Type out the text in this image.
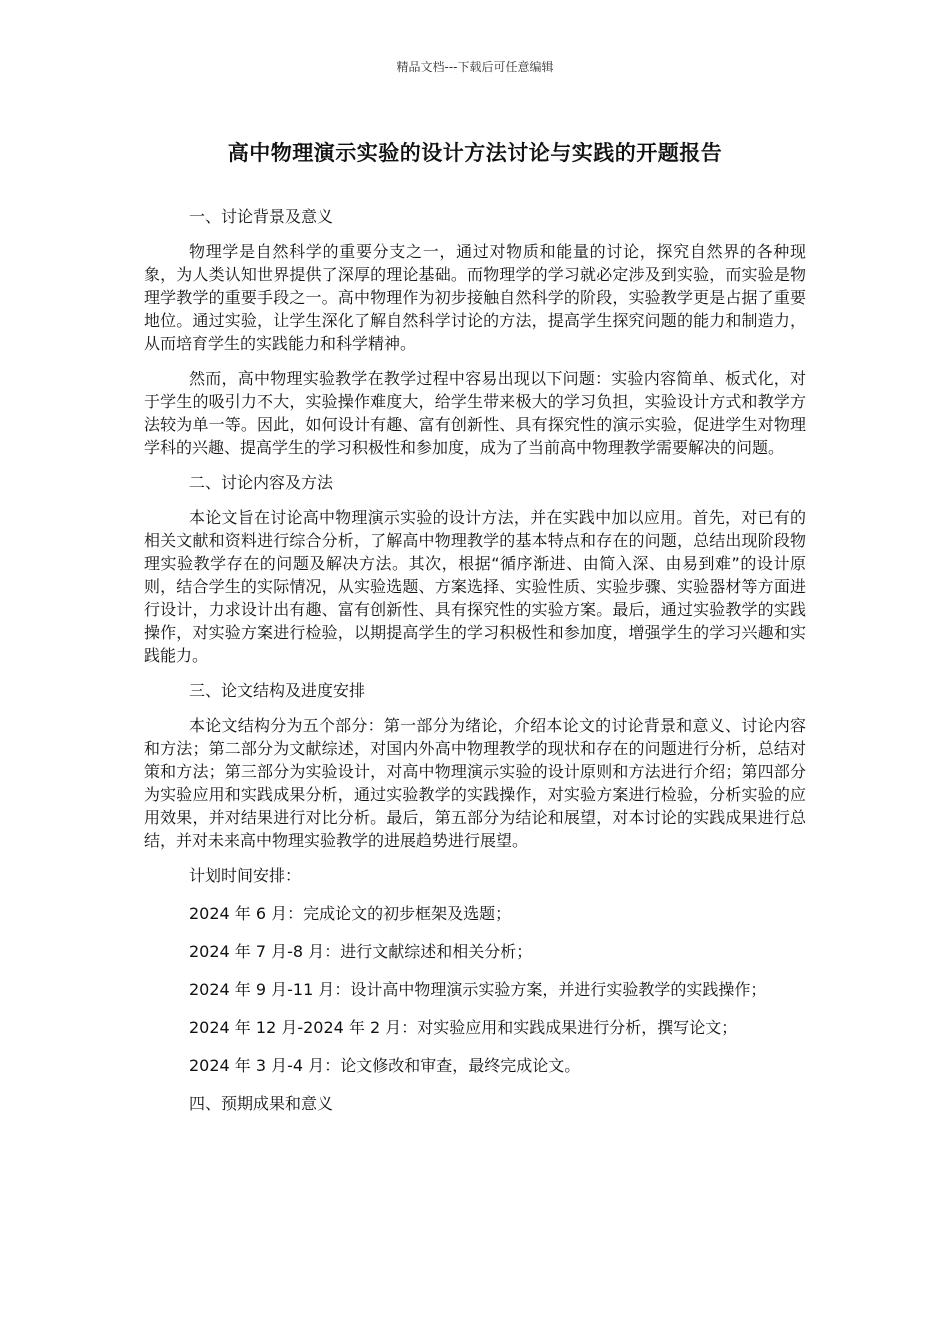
精品文档---下载后可任意编辑
高中物理演示实验的设计方法讨论与实践的开题报告

一、讨论背景及意义

物理学是自然科学的重要分支之一，通过对物质和能量的讨论，探究自然界的各种现象，为人类认知世界提供了深厚的理论基础。而物理学的学习就必定涉及到实验，而实验是物理学教学的重要手段之一。高中物理作为初步接触自然科学的阶段，实验教学更是占据了重要地位。通过实验，让学生深化了解自然科学讨论的方法，提高学生探究问题的能力和制造力，从而培育学生的实践能力和科学精神。

然而，高中物理实验教学在教学过程中容易出现以下问题：实验内容简单、板式化，对于学生的吸引力不大，实验操作难度大，给学生带来极大的学习负担，实验设计方式和教学方法较为单一等。因此，如何设计有趣、富有创新性、具有探究性的演示实验，促进学生对物理学科的兴趣、提高学生的学习积极性和参加度，成为了当前高中物理教学需要解决的问题。

二、讨论内容及方法

本论文旨在讨论高中物理演示实验的设计方法，并在实践中加以应用。首先，对已有的相关文献和资料进行综合分析，了解高中物理教学的基本特点和存在的问题，总结出现阶段物理实验教学存在的问题及解决方法。其次，根据“循序渐进、由简入深、由易到难”的设计原则，结合学生的实际情况，从实验选题、方案选择、实验性质、实验步骤、实验器材等方面进行设计，力求设计出有趣、富有创新性、具有探究性的实验方案。最后，通过实验教学的实践操作，对实验方案进行检验，以期提高学生的学习积极性和参加度，增强学生的学习兴趣和实践能力。

三、论文结构及进度安排

本论文结构分为五个部分：第一部分为绪论，介绍本论文的讨论背景和意义、讨论内容和方法；第二部分为文献综述，对国内外高中物理教学的现状和存在的问题进行分析，总结对策和方法；第三部分为实验设计，对高中物理演示实验的设计原则和方法进行介绍；第四部分为实验应用和实践成果分析，通过实验教学的实践操作，对实验方案进行检验，分析实验的应用效果，并对结果进行对比分析。最后，第五部分为结论和展望，对本讨论的实践成果进行总结，并对未来高中物理实验教学的进展趋势进行展望。

计划时间安排：

2024 年 6 月：完成论文的初步框架及选题；

2024 年 7 月-8 月：进行文献综述和相关分析；

2024 年 9 月-11 月：设计高中物理演示实验方案，并进行实验教学的实践操作；

2024 年 12 月-2024 年 2 月：对实验应用和实践成果进行分析，撰写论文；

2024 年 3 月-4 月：论文修改和审查，最终完成论文。

四、预期成果和意义
